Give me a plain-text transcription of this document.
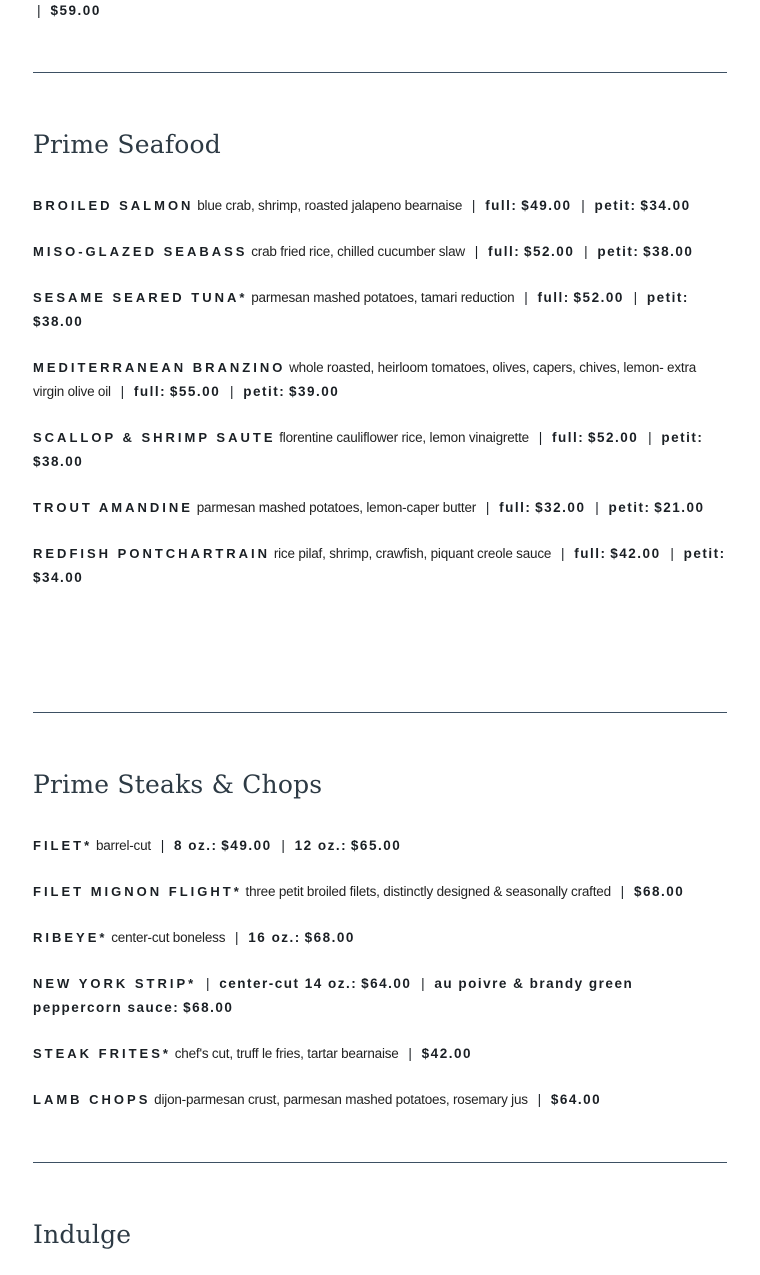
| $59.00

Prime Seafood

BROILED SALMON blue crab, shrimp, roasted jalapeno bearnaise | full: $49.00 | petit: $34.00

MISO-GLAZED SEABASS crab fried rice, chilled cucumber slaw | full: $52.00 | petit: $38.00

SESAME SEARED TUNA* parmesan mashed potatoes, tamari reduction | full: $52.00 | petit: $38.00

MEDITERRANEAN BRANZINO whole roasted, heirloom tomatoes, olives, capers, chives, lemon- extra virgin olive oil | full: $55.00 | petit: $39.00

SCALLOP & SHRIMP SAUTE florentine cauliflower rice, lemon vinaigrette | full: $52.00 | petit: $38.00

TROUT AMANDINE parmesan mashed potatoes, lemon-caper butter | full: $32.00 | petit: $21.00

REDFISH PONTCHARTRAIN rice pilaf, shrimp, crawfish, piquant creole sauce | full: $42.00 | petit: $34.00

Prime Steaks & Chops

FILET* barrel-cut | 8 oz.: $49.00 | 12 oz.: $65.00

FILET MIGNON FLIGHT* three petit broiled filets, distinctly designed & seasonally crafted | $68.00

RIBEYE* center-cut boneless | 16 oz.: $68.00

NEW YORK STRIP* | center-cut 14 oz.: $64.00 | au poivre & brandy green peppercorn sauce: $68.00

STEAK FRITES* chef's cut, truff le fries, tartar bearnaise | $42.00

LAMB CHOPS dijon-parmesan crust, parmesan mashed potatoes, rosemary jus | $64.00

Indulge
